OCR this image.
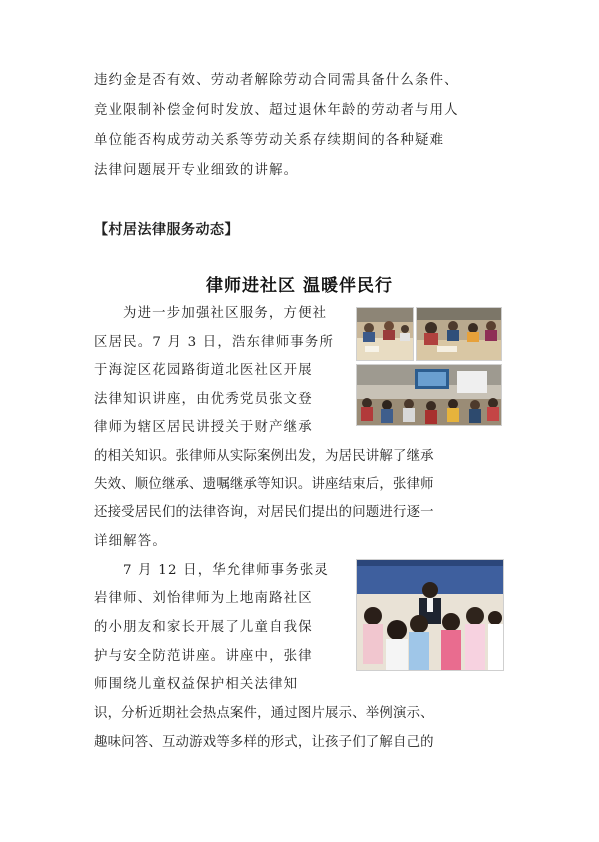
违约金是否有效、劳动者解除劳动合同需具备什么条件、
竞业限制补偿金何时发放、超过退休年龄的劳动者与用人
单位能否构成劳动关系等劳动关系存续期间的各种疑难
法律问题展开专业细致的讲解。
【村居法律服务动态】
律师进社区 温暖伴民行
为进一步加强社区服务，方便社
区居民。7 月 3 日，浩东律师事务所
于海淀区花园路街道北医社区开展
法律知识讲座，由优秀党员张文登
律师为辖区居民讲授关于财产继承
的相关知识。张律师从实际案例出发，为居民讲解了继承
失效、顺位继承、遗嘱继承等知识。讲座结束后，张律师
还接受居民们的法律咨询，对居民们提出的问题进行逐一
详细解答。
7 月 12 日，华允律师事务张灵
岩律师、刘怡律师为上地南路社区
的小朋友和家长开展了儿童自我保
护与安全防范讲座。讲座中，张律
师围绕儿童权益保护相关法律知
识，分析近期社会热点案件，通过图片展示、举例演示、
趣味问答、互动游戏等多样的形式，让孩子们了解自己的
